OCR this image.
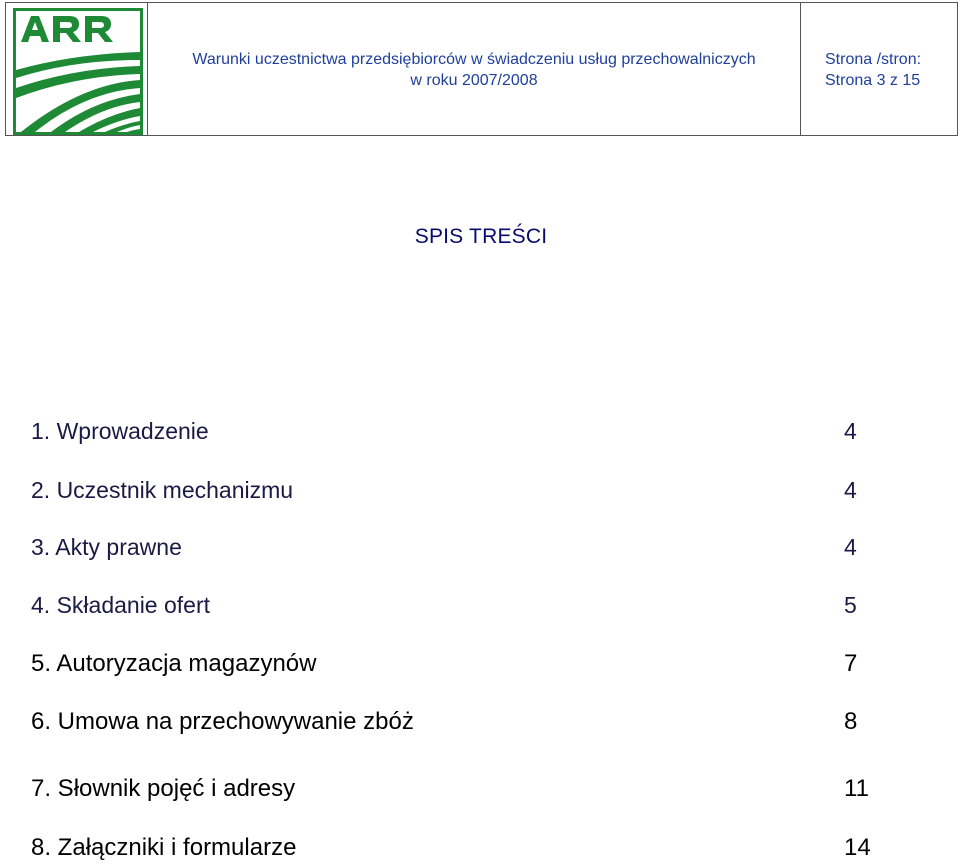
Warunki uczestnictwa przedsiębiorców w świadczeniu usług przechowalniczych
w roku 2007/2008
Strona /stron:
Strona 3 z 15
SPIS TREŚCI
1. Wprowadzenie	4
2. Uczestnik mechanizmu	4
3. Akty prawne	4
4. Składanie ofert	5
5. Autoryzacja magazynów	7
6. Umowa na przechowywanie zbóż	8
7. Słownik pojęć i adresy	11
8. Załączniki i formularze	14
